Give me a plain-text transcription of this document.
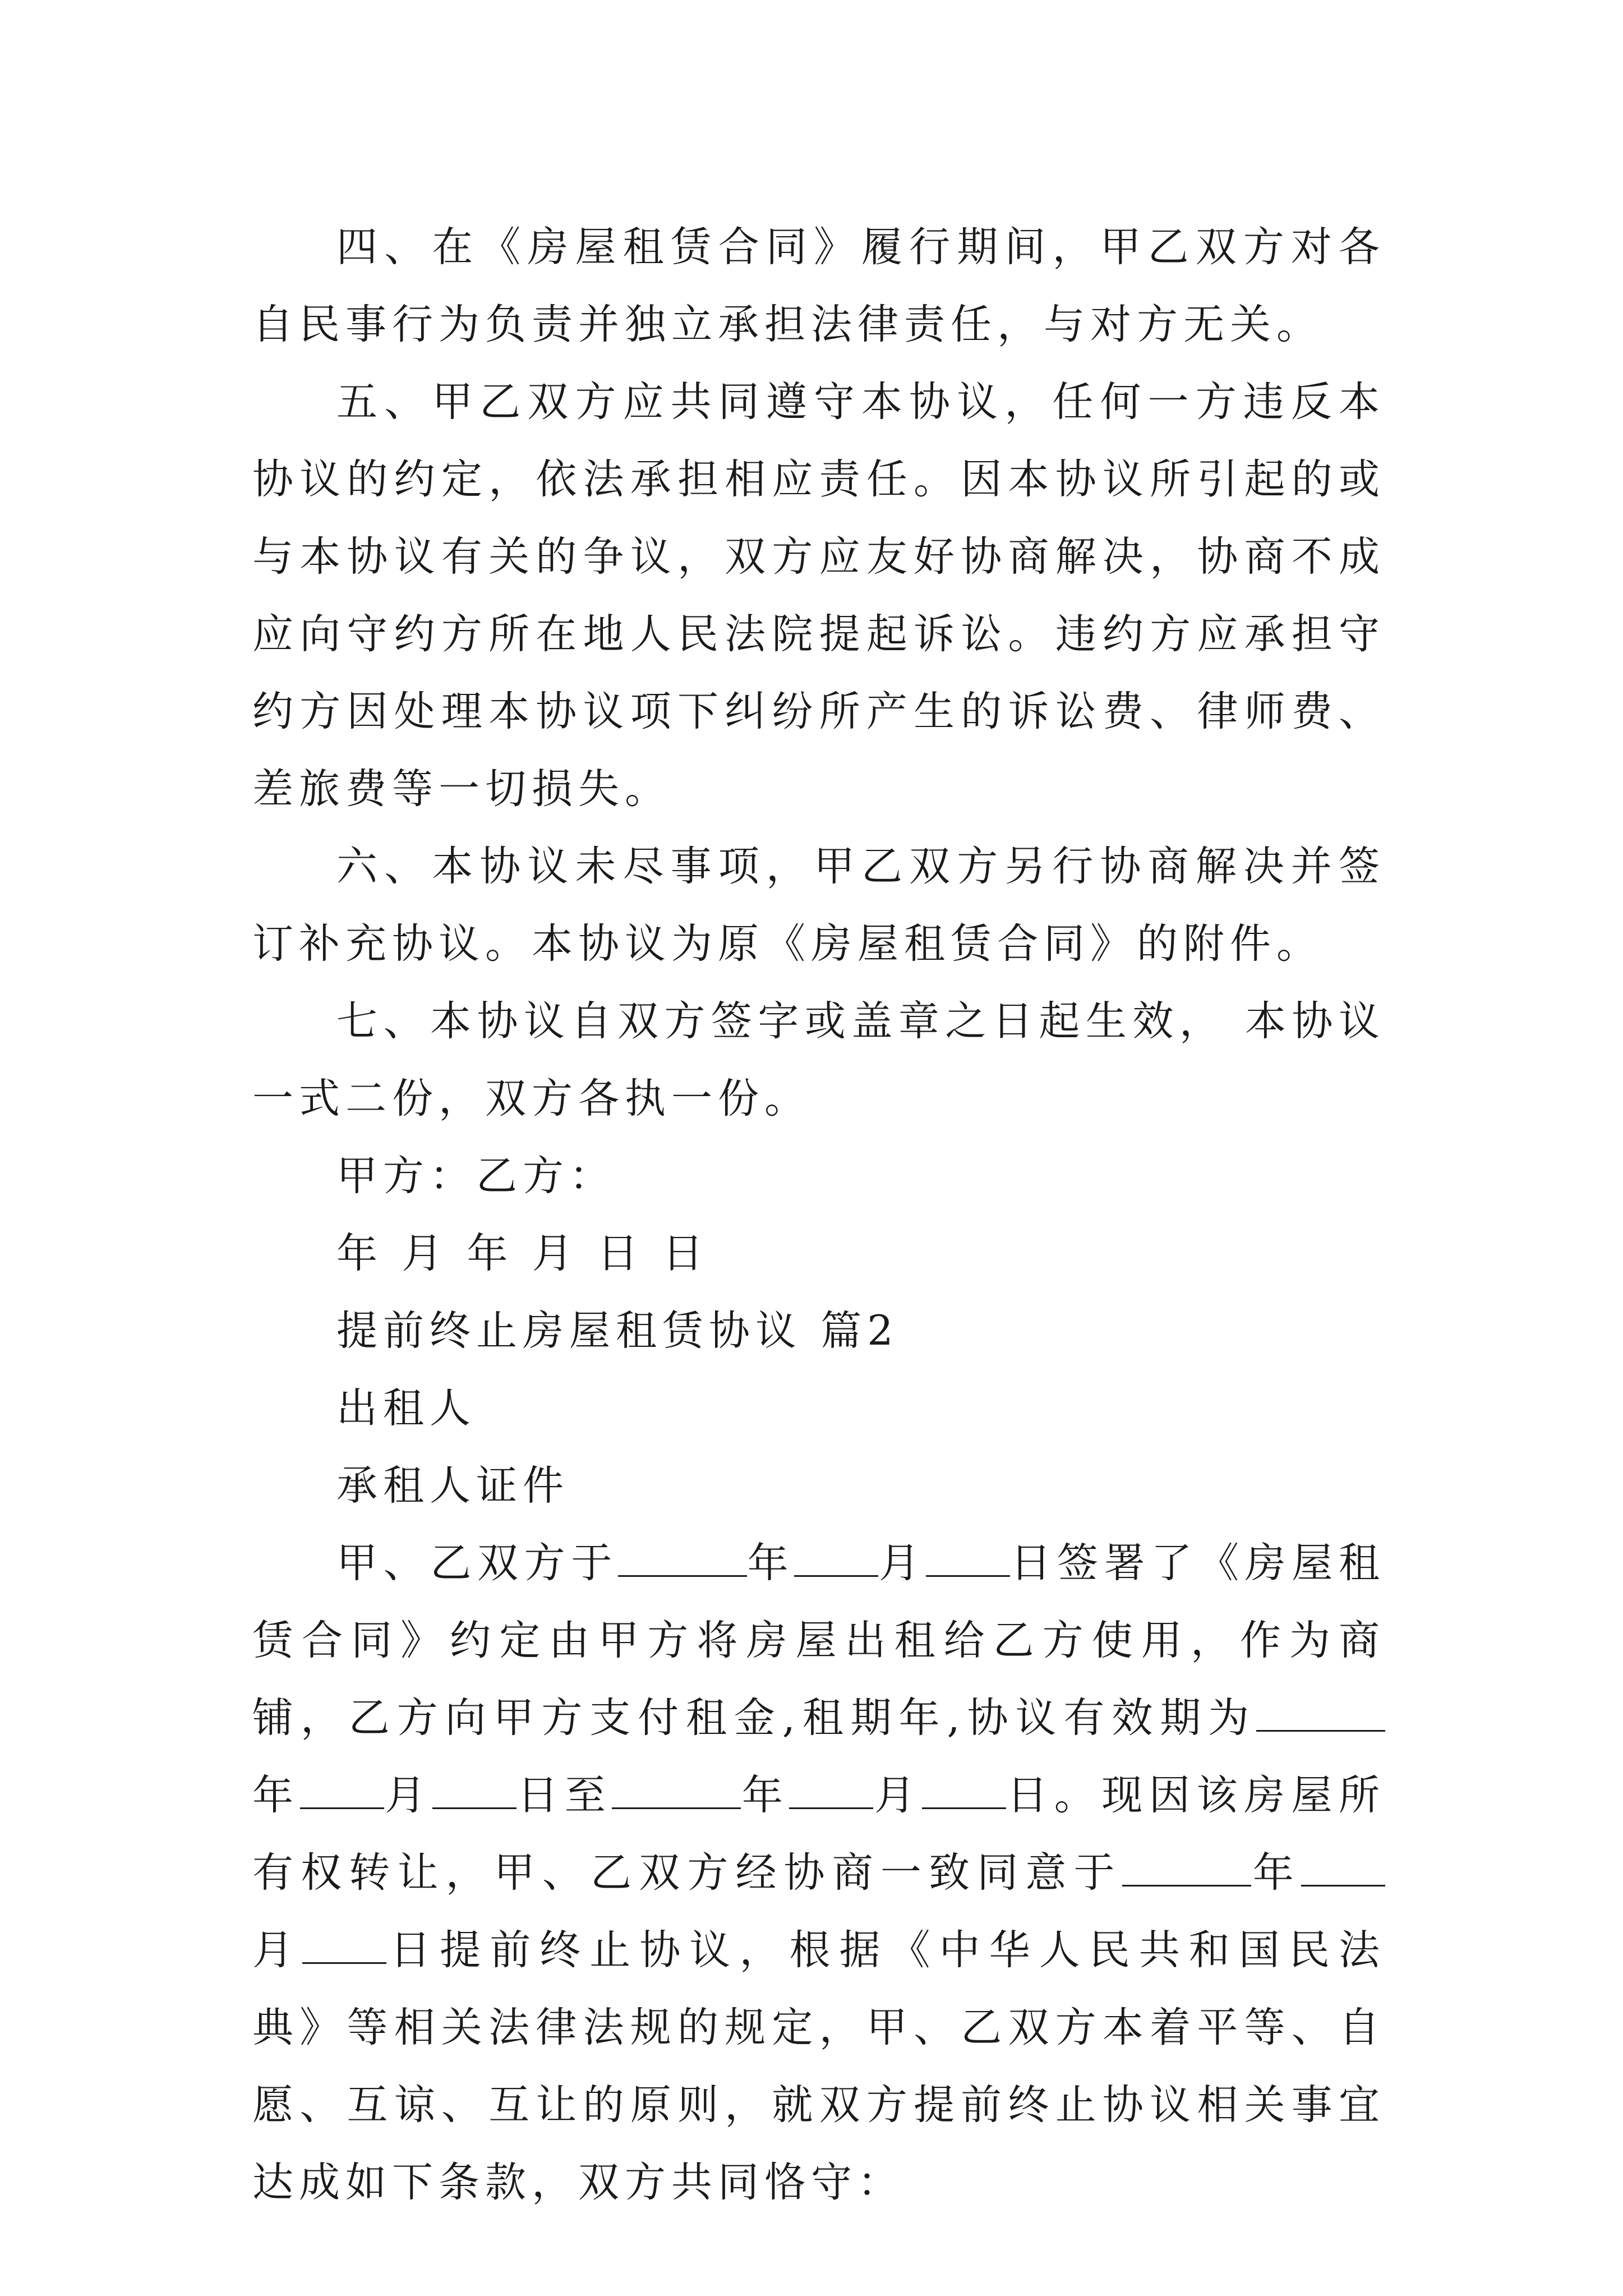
四、在《房屋租赁合同》履行期间，甲乙双方对各自民事行为负责并独立承担法律责任，与对方无关。

五、甲乙双方应共同遵守本协议，任何一方违反本协议的约定，依法承担相应责任。因本协议所引起的或与本协议有关的争议，双方应友好协商解决，协商不成应向守约方所在地人民法院提起诉讼。违约方应承担守约方因处理本协议项下纠纷所产生的诉讼费、律师费、差旅费等一切损失。

六、本协议未尽事项，甲乙双方另行协商解决并签订补充协议。本协议为原《房屋租赁合同》的附件。

七、本协议自双方签字或盖章之日起生效， 本协议一式二份，双方各执一份。

甲方：乙方：

年 月 年 月 日 日

提前终止房屋租赁协议 篇2

出租人

承租人证件

甲、乙双方于	年 月 日签署了《房屋租赁合同》约定由甲方将房屋出租给乙方使用，作为商铺，乙方向甲方支付租金,租期年,协议有效期为年 月 日至	年 月 日。现因该房屋所有权转让，甲、乙双方经协商一致同意于	年月 日提前终止协议，根据《中华人民共和国民法典》等相关法律法规的规定，甲、乙双方本着平等、自愿、互谅、互让的原则，就双方提前终止协议相关事宜达成如下条款，双方共同恪守：
